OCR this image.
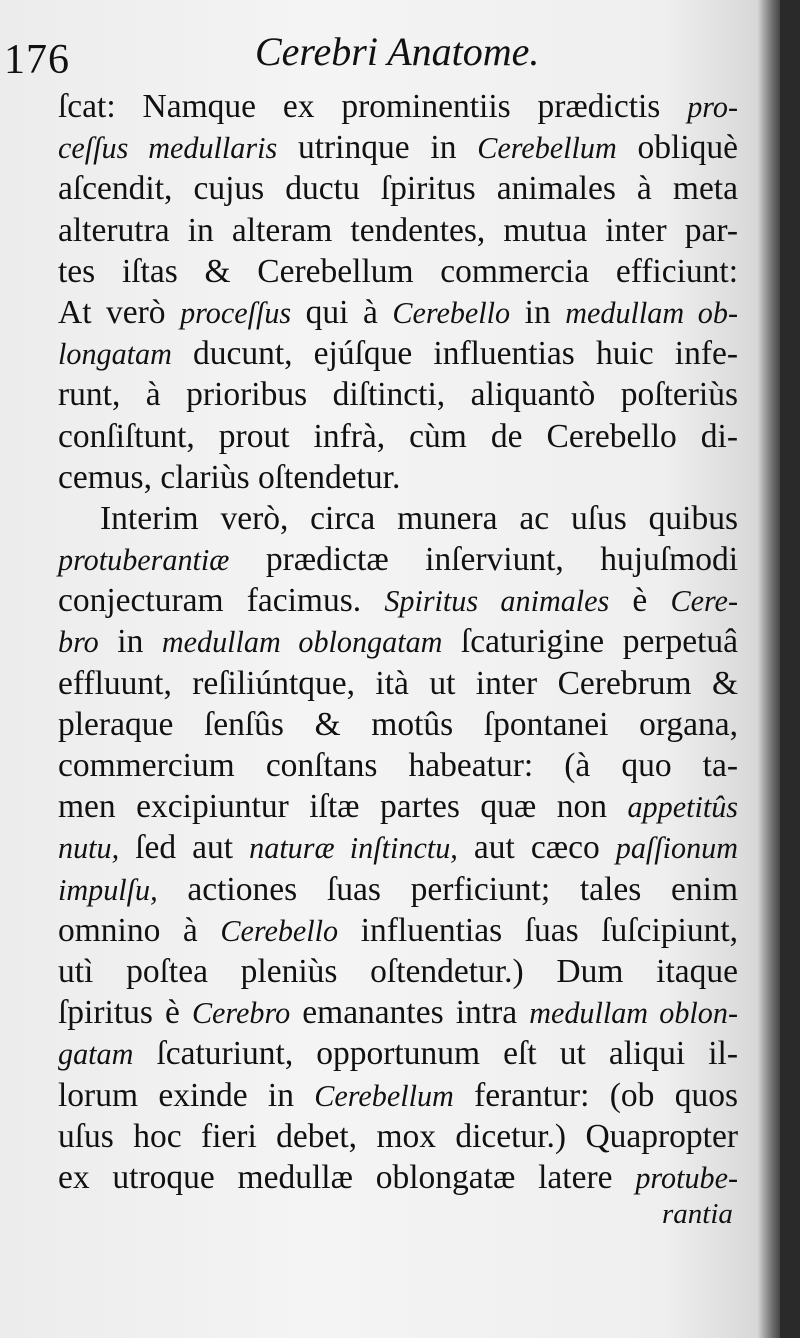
176	Cerebri Anatome.
ſcat: Namque ex prominentiis prædictis pro-
ceſſus medullaris utrinque in Cerebellum obliquè
aſcendit, cujus ductu ſpiritus animales à meta
alterutra in alteram tendentes, mutua inter par-
tes iſtas & Cerebellum commercia efficiunt:
At verò proceſſus qui à Cerebello in medullam ob-
longatam ducunt, ejúſque influentias huic infe-
runt, à prioribus diſtincti, aliquantò poſteriùs
conſiſtunt, prout infrà, cùm de Cerebello di-
cemus, clariùs oſtendetur.
Interim verò, circa munera ac uſus quibus
protuberantiæ prædictæ inſerviunt, hujuſmodi
conjecturam facimus. Spiritus animales è Cere-
bro in medullam oblongatam ſcaturigine perpetuâ
effluunt, reſiliúntque, ità ut inter Cerebrum &
pleraque ſenſûs & motûs ſpontanei organa,
commercium conſtans habeatur: (à quo ta-
men excipiuntur iſtæ partes quæ non appetitûs
nutu, ſed aut naturæ inſtinctu, aut cæco paſſionum
impulſu, actiones ſuas perficiunt; tales enim
omnino à Cerebello influentias ſuas ſuſcipiunt,
utì poſtea pleniùs oſtendetur.) Dum itaque
ſpiritus è Cerebro emanantes intra medullam oblon-
gatam ſcaturiunt, opportunum eſt ut aliqui il-
lorum exinde in Cerebellum ferantur: (ob quos
uſus hoc fieri debet, mox dicetur.) Quapropter
ex utroque medullæ oblongatæ latere protube-
rantia
